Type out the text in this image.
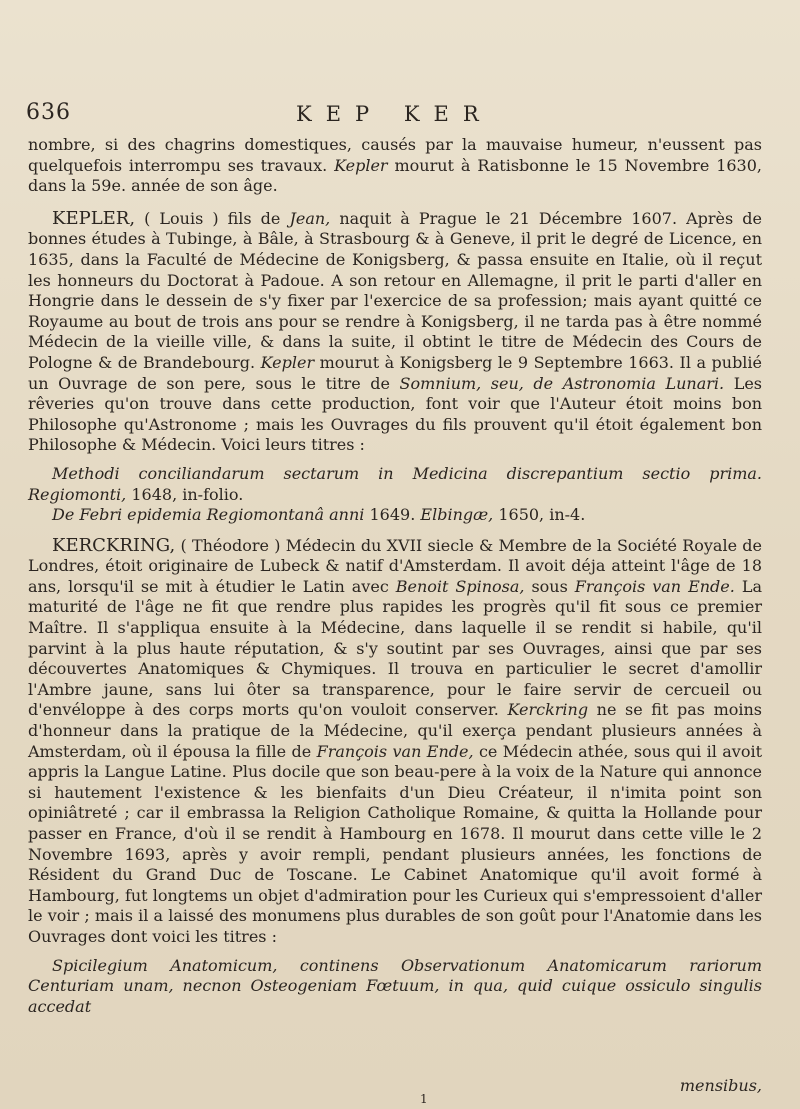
636	KEP KER

nombre, si des chagrins domestiques, causés par la mauvaise humeur, n'eussent pas quelquefois interrompu ses travaux. Kepler mourut à Ratisbonne le 15 Novembre 1630, dans la 59e. année de son âge.

KEPLER, ( Louis ) fils de Jean, naquit à Prague le 21 Décembre 1607. Après de bonnes études à Tubinge, à Bâle, à Strasbourg & à Geneve, il prit le degré de Licence, en 1635, dans la Faculté de Médecine de Konigsberg, & passa ensuite en Italie, où il reçut les honneurs du Doctorat à Padoue. A son retour en Allemagne, il prit le parti d'aller en Hongrie dans le dessein de s'y fixer par l'exercice de sa profession; mais ayant quitté ce Royaume au bout de trois ans pour se rendre à Konigsberg, il ne tarda pas à être nommé Médecin de la vieille ville, & dans la suite, il obtint le titre de Médecin des Cours de Pologne & de Brandebourg. Kepler mourut à Konigsberg le 9 Septembre 1663. Il a publié un Ouvrage de son pere, sous le titre de Somnium, seu, de Astronomia Lunari. Les rêveries qu'on trouve dans cette production, font voir que l'Auteur étoit moins bon Philosophe qu'Astronome ; mais les Ouvrages du fils prouvent qu'il étoit également bon Philosophe & Médecin. Voici leurs titres :

Methodi conciliandarum sectarum in Medicina discrepantium sectio prima. Regiomonti, 1648, in-folio.

De Febri epidemia Regiomontanâ anni 1649. Elbingæ, 1650, in-4.

KERCKRING, ( Théodore ) Médecin du XVII siecle & Membre de la Société Royale de Londres, étoit originaire de Lubeck & natif d'Amsterdam. Il avoit déja atteint l'âge de 18 ans, lorsqu'il se mit à étudier le Latin avec Benoit Spinosa, sous François van Ende. La maturité de l'âge ne fit que rendre plus rapides les progrès qu'il fit sous ce premier Maître. Il s'appliqua ensuite à la Médecine, dans laquelle il se rendit si habile, qu'il parvint à la plus haute réputation, & s'y soutint par ses Ouvrages, ainsi que par ses découvertes Anatomiques & Chymiques. Il trouva en particulier le secret d'amollir l'Ambre jaune, sans lui ôter sa transparence, pour le faire servir de cercueil ou d'envéloppe à des corps morts qu'on vouloit conserver. Kerckring ne se fit pas moins d'honneur dans la pratique de la Médecine, qu'il exerça pendant plusieurs années à Amsterdam, où il épousa la fille de François van Ende, ce Médecin athée, sous qui il avoit appris la Langue Latine. Plus docile que son beau-pere à la voix de la Nature qui annonce si hautement l'existence & les bienfaits d'un Dieu Créateur, il n'imita point son opiniâtreté ; car il embrassa la Religion Catholique Romaine, & quitta la Hollande pour passer en France, d'où il se rendit à Hambourg en 1678. Il mourut dans cette ville le 2 Novembre 1693, après y avoir rempli, pendant plusieurs années, les fonctions de Résident du Grand Duc de Toscane. Le Cabinet Anatomique qu'il avoit formé à Hambourg, fut longtems un objet d'admiration pour les Curieux qui s'empressoient d'aller le voir ; mais il a laissé des monumens plus durables de son goût pour l'Anatomie dans les Ouvrages dont voici les titres :

Spicilegium Anatomicum, continens Observationum Anatomicarum rariorum Centuriam unam, necnon Osteogeniam Fœtuum, in qua, quid cuique ossiculo singulis accedat

mensibus,
1
